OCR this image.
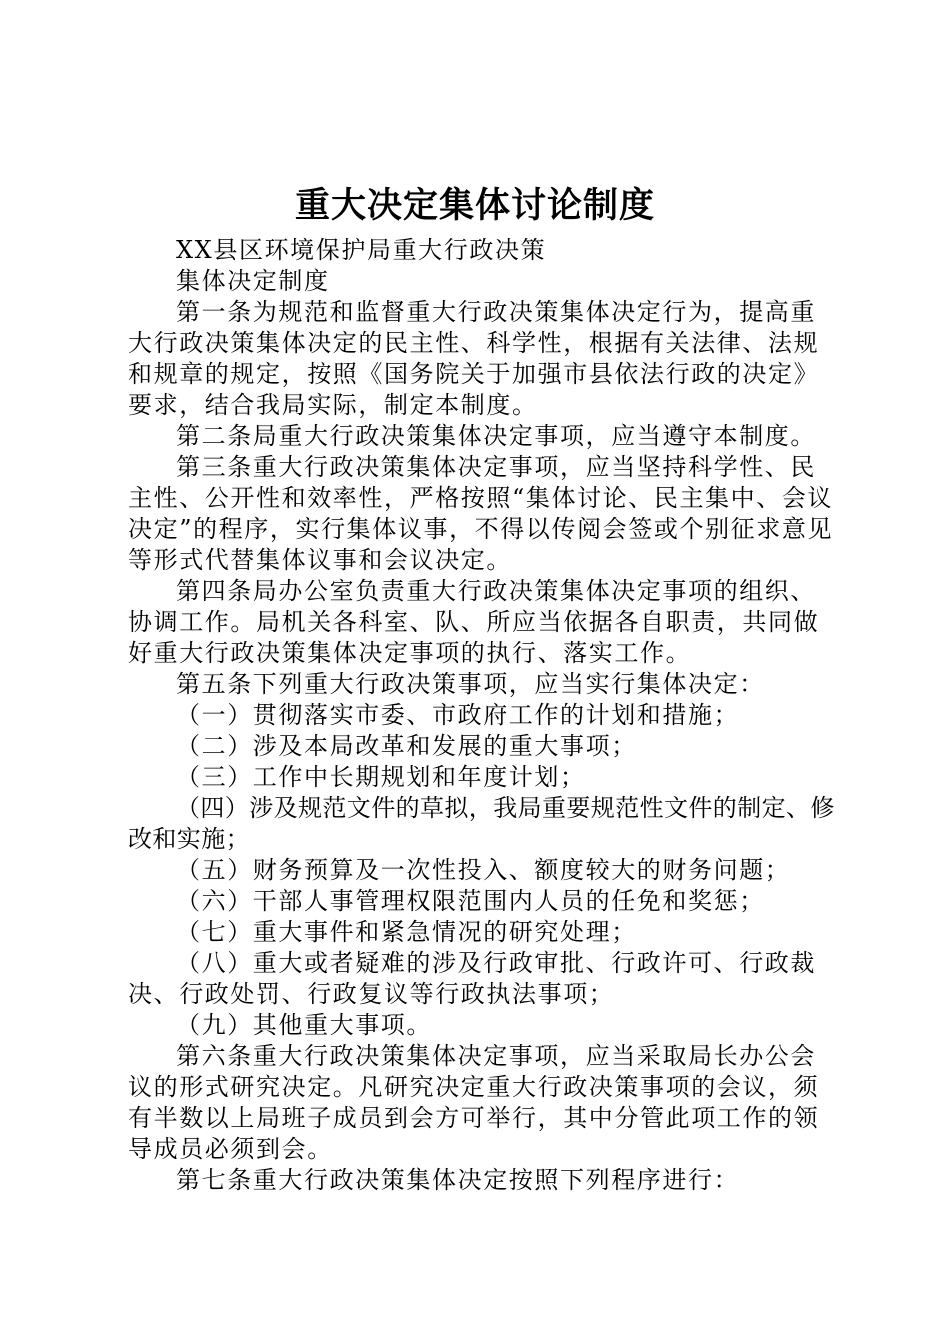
重大决定集体讨论制度

XX县区环境保护局重大行政决策

集体决定制度

第一条为规范和监督重大行政决策集体决定行为，提高重大行政决策集体决定的民主性、科学性，根据有关法律、法规和规章的规定，按照《国务院关于加强市县依法行政的决定》要求，结合我局实际，制定本制度。

第二条局重大行政决策集体决定事项，应当遵守本制度。

第三条重大行政决策集体决定事项，应当坚持科学性、民主性、公开性和效率性，严格按照“集体讨论、民主集中、会议决定”的程序，实行集体议事，不得以传阅会签或个别征求意见等形式代替集体议事和会议决定。

第四条局办公室负责重大行政决策集体决定事项的组织、协调工作。局机关各科室、队、所应当依据各自职责，共同做好重大行政决策集体决定事项的执行、落实工作。

第五条下列重大行政决策事项，应当实行集体决定：

（一）贯彻落实市委、市政府工作的计划和措施；

（二）涉及本局改革和发展的重大事项；

（三）工作中长期规划和年度计划；

（四）涉及规范文件的草拟，我局重要规范性文件的制定、修改和实施；

（五）财务预算及一次性投入、额度较大的财务问题；

（六）干部人事管理权限范围内人员的任免和奖惩；

（七）重大事件和紧急情况的研究处理；

（八）重大或者疑难的涉及行政审批、行政许可、行政裁决、行政处罚、行政复议等行政执法事项；

（九）其他重大事项。

第六条重大行政决策集体决定事项，应当采取局长办公会议的形式研究决定。凡研究决定重大行政决策事项的会议，须有半数以上局班子成员到会方可举行，其中分管此项工作的领导成员必须到会。

第七条重大行政决策集体决定按照下列程序进行：
